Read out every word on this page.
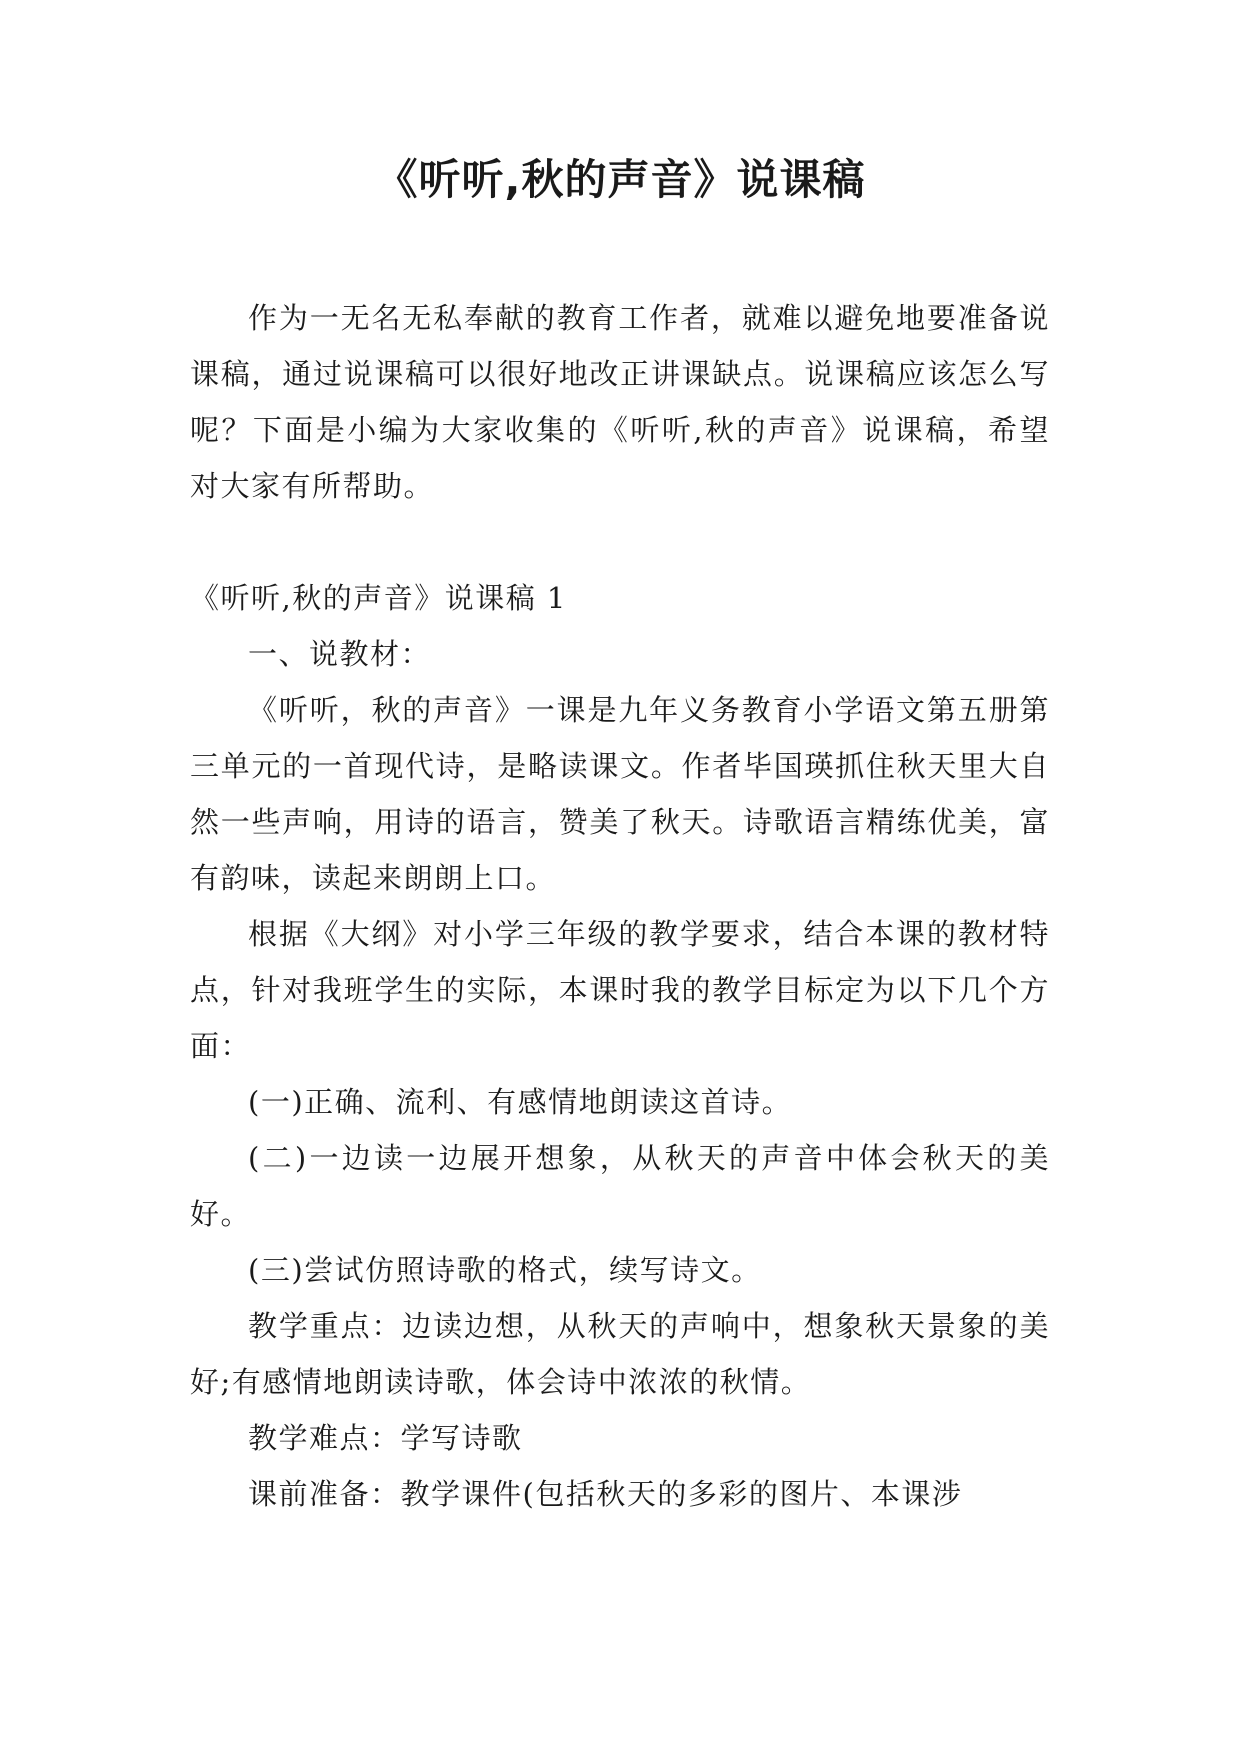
《听听,秋的声音》说课稿

作为一无名无私奉献的教育工作者，就难以避免地要准备说课稿，通过说课稿可以很好地改正讲课缺点。说课稿应该怎么写呢？下面是小编为大家收集的《听听,秋的声音》说课稿，希望对大家有所帮助。

《听听,秋的声音》说课稿 1

一、说教材：

《听听，秋的声音》一课是九年义务教育小学语文第五册第三单元的一首现代诗，是略读课文。作者毕国瑛抓住秋天里大自然一些声响，用诗的语言，赞美了秋天。诗歌语言精练优美，富有韵味，读起来朗朗上口。

根据《大纲》对小学三年级的教学要求，结合本课的教材特点，针对我班学生的实际，本课时我的教学目标定为以下几个方面：

(一)正确、流利、有感情地朗读这首诗。

(二)一边读一边展开想象，从秋天的声音中体会秋天的美好。

(三)尝试仿照诗歌的格式，续写诗文。

教学重点：边读边想，从秋天的声响中，想象秋天景象的美好;有感情地朗读诗歌，体会诗中浓浓的秋情。

教学难点：学写诗歌

课前准备：教学课件(包括秋天的多彩的图片、本课涉
